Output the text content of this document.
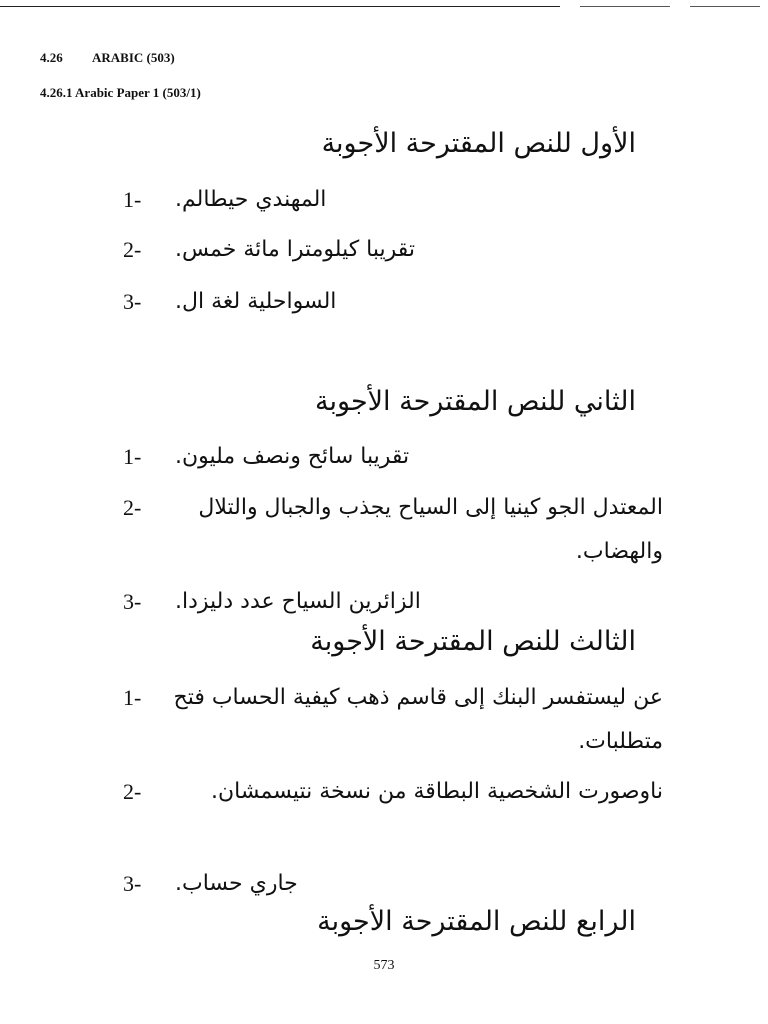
4.26 ARABIC (503)
4.26.1 Arabic Paper 1 (503/1)
الأول للنص المقترحة الأجوبة
1-	المهندي حيطالم.
2-	تقريبا كيلومترا مائة خمس.
3-	السواحلية لغة ال.
الثاني للنص المقترحة الأجوبة
1-	تقريبا سائح ونصف مليون.
2-	المعتدل الجو كينيا إلى السياح يجذب والجبال والتلال والهضاب.
3-	الزائرين السياح عدد دليزدا.
الثالث للنص المقترحة الأجوبة
1-	عن ليستفسر البنك إلى قاسم ذهب كيفية الحساب فتح متطلبات.
2-	ناوصورت الشخصية البطاقة من نسخة نتيسمشان.
3-	جاري حساب.
الرابع للنص المقترحة الأجوبة
573
